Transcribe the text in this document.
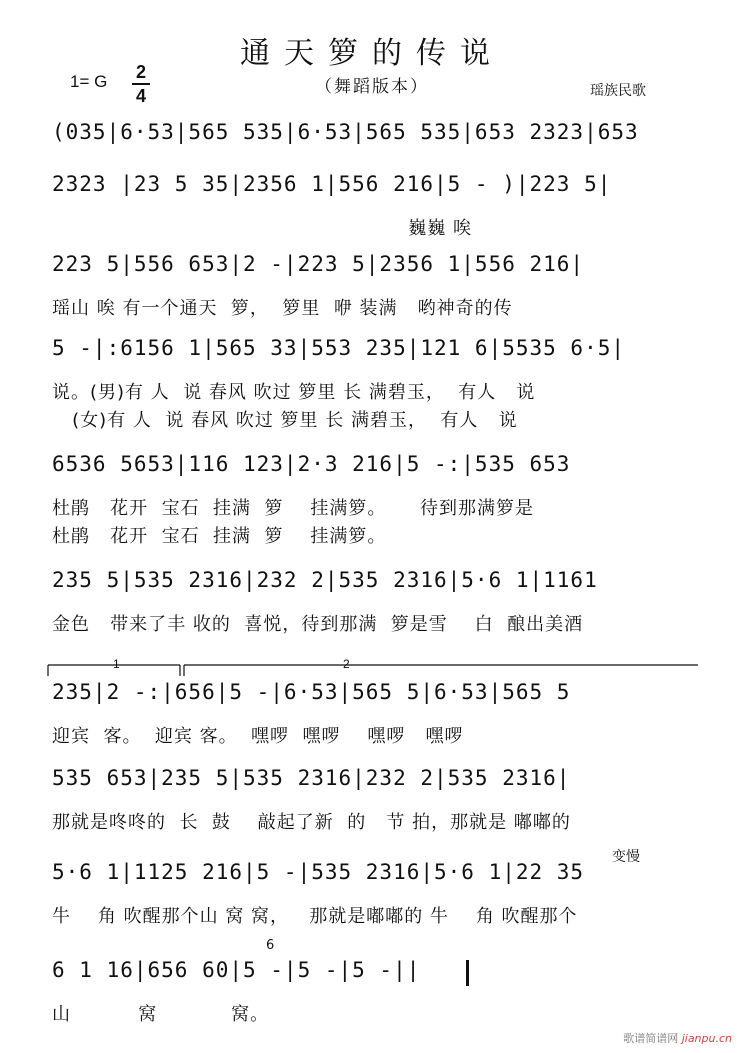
通天箩的传说
（舞蹈版本）
1= G 2
4	瑶族民歌
(035|6·53|565 535|6·53|565 535|653 2323|653
2323 |23 5 35|2356 1|556 216|5 - )|223 5|
巍巍 唉
223 5|556 653|2 -|223 5|2356 1|556 216|
瑶山 唉 有一个通天  箩，  箩里  咿 装满   哟神奇的传
5 -|:6156 1|565 33|553 235|121 6|5535 6·5|
说。(男)有 人  说 春风 吹过 箩里 长 满碧玉，  有人   说
(女)有 人  说 春风 吹过 箩里 长 满碧玉，  有人   说
6536 5653|116 123|2·3 216|5 -:|535 653
杜鹃   花开  宝石  挂满  箩    挂满箩。     待到那满箩是
杜鹃   花开  宝石  挂满  箩    挂满箩。
235 5|535 2316|232 2|535 2316|5·6 1|1161
金色   带来了丰 收的  喜悦，待到那满  箩是雪    白  酿出美酒
235|2 -:|656|5 -|6·53|565 5|6·53|565 5
迎宾  客。  迎宾 客。  嘿啰  嘿啰    嘿啰   嘿啰
535 653|235 5|535 2316|232 2|535 2316|
那就是咚咚的  长  鼓    敲起了新  的   节 拍，那就是 嘟嘟的
5·6 1|1125 216|5 -|535 2316|5·6 1|22 35
牛    角 吹醒那个山 窝 窝，   那就是嘟嘟的 牛    角 吹醒那个
6 1 16|656 60|5 -|5 -|5 -||
山          窝           窝。
1	2
变慢
6
歌谱简谱网 jianpu.cn
